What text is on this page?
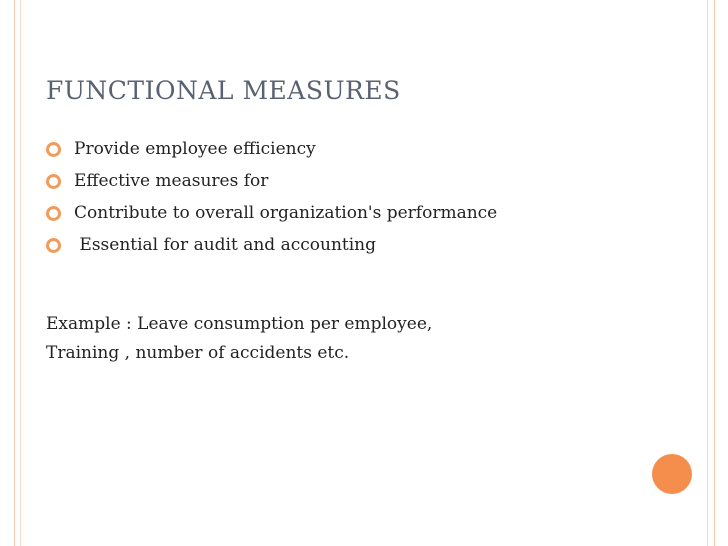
FUNCTIONAL MEASURES
Provide employee efficiency
Effective measures for
Contribute to overall organization's performance
Essential for audit and accounting
Example : Leave consumption per employee,
Training , number of accidents etc.
